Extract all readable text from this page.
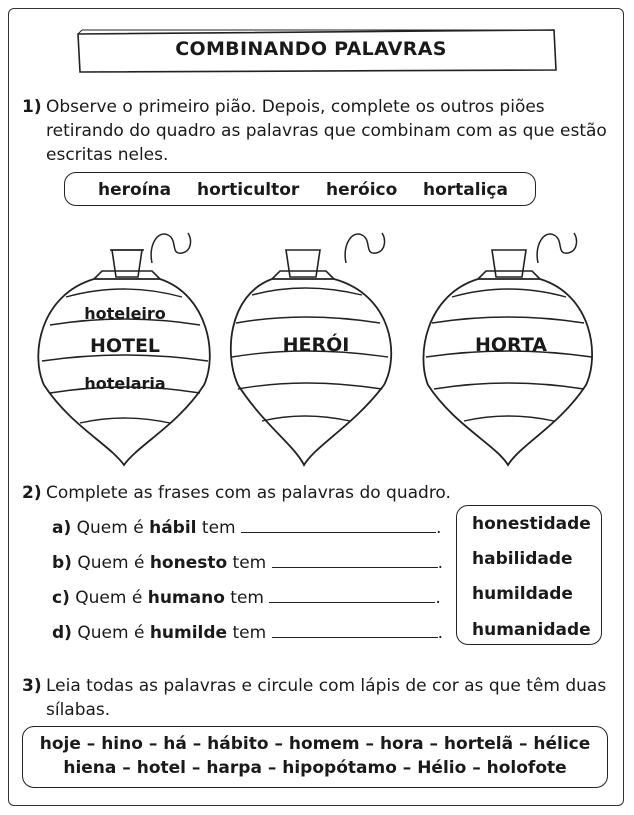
COMBINANDO PALAVRAS
1) Observe o primeiro pião. Depois, complete os outros piões
retirando do quadro as palavras que combinam com as que estão
escritas neles.
heroína horticultor heróico hortaliça
hoteleiro
HOTEL
hotelaria
HERÓI	HORTA
2) Complete as frases com as palavras do quadro.
a) Quem é hábil tem	.
b) Quem é honesto tem	.
c) Quem é humano tem	.
d) Quem é humilde tem	.
honestidade
habilidade
humildade
humanidade
3) Leia todas as palavras e circule com lápis de cor as que têm duas
sílabas.
hoje – hino – há – hábito – homem – hora – hortelã – hélice
hiena – hotel – harpa – hipopótamo – Hélio – holofote
